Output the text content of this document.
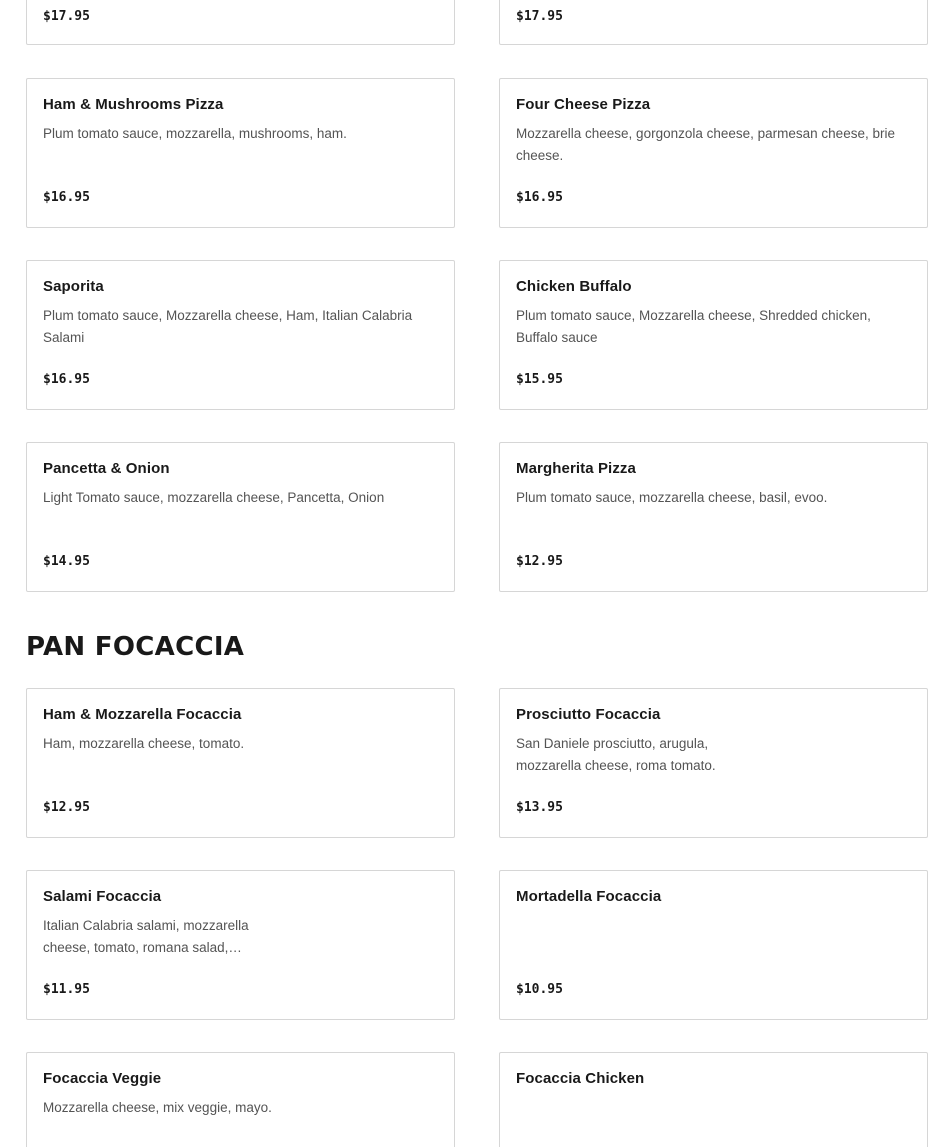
$17.95	$17.95
Ham & Mushrooms Pizza
Plum tomato sauce, mozzarella, mushrooms, ham.
$16.95
Four Cheese Pizza
Mozzarella cheese, gorgonzola cheese, parmesan cheese, brie cheese.
$16.95
Saporita
Plum tomato sauce, Mozzarella cheese, Ham, Italian Calabria Salami
$16.95
Chicken Buffalo
Plum tomato sauce, Mozzarella cheese, Shredded chicken, Buffalo sauce
$15.95
Pancetta & Onion
Light Tomato sauce, mozzarella cheese, Pancetta, Onion
$14.95
Margherita Pizza
Plum tomato sauce, mozzarella cheese, basil, evoo.
$12.95
PAN FOCACCIA
Ham & Mozzarella Focaccia
Ham, mozzarella cheese, tomato.
$12.95
Prosciutto Focaccia
San Daniele prosciutto, arugula, mozzarella cheese, roma tomato.
$13.95
Salami Focaccia
Italian Calabria salami, mozzarella cheese, tomato, romana salad,…
$11.95
Mortadella Focaccia
$10.95
Focaccia Veggie
Mozzarella cheese, mix veggie, mayo.
Focaccia Chicken
